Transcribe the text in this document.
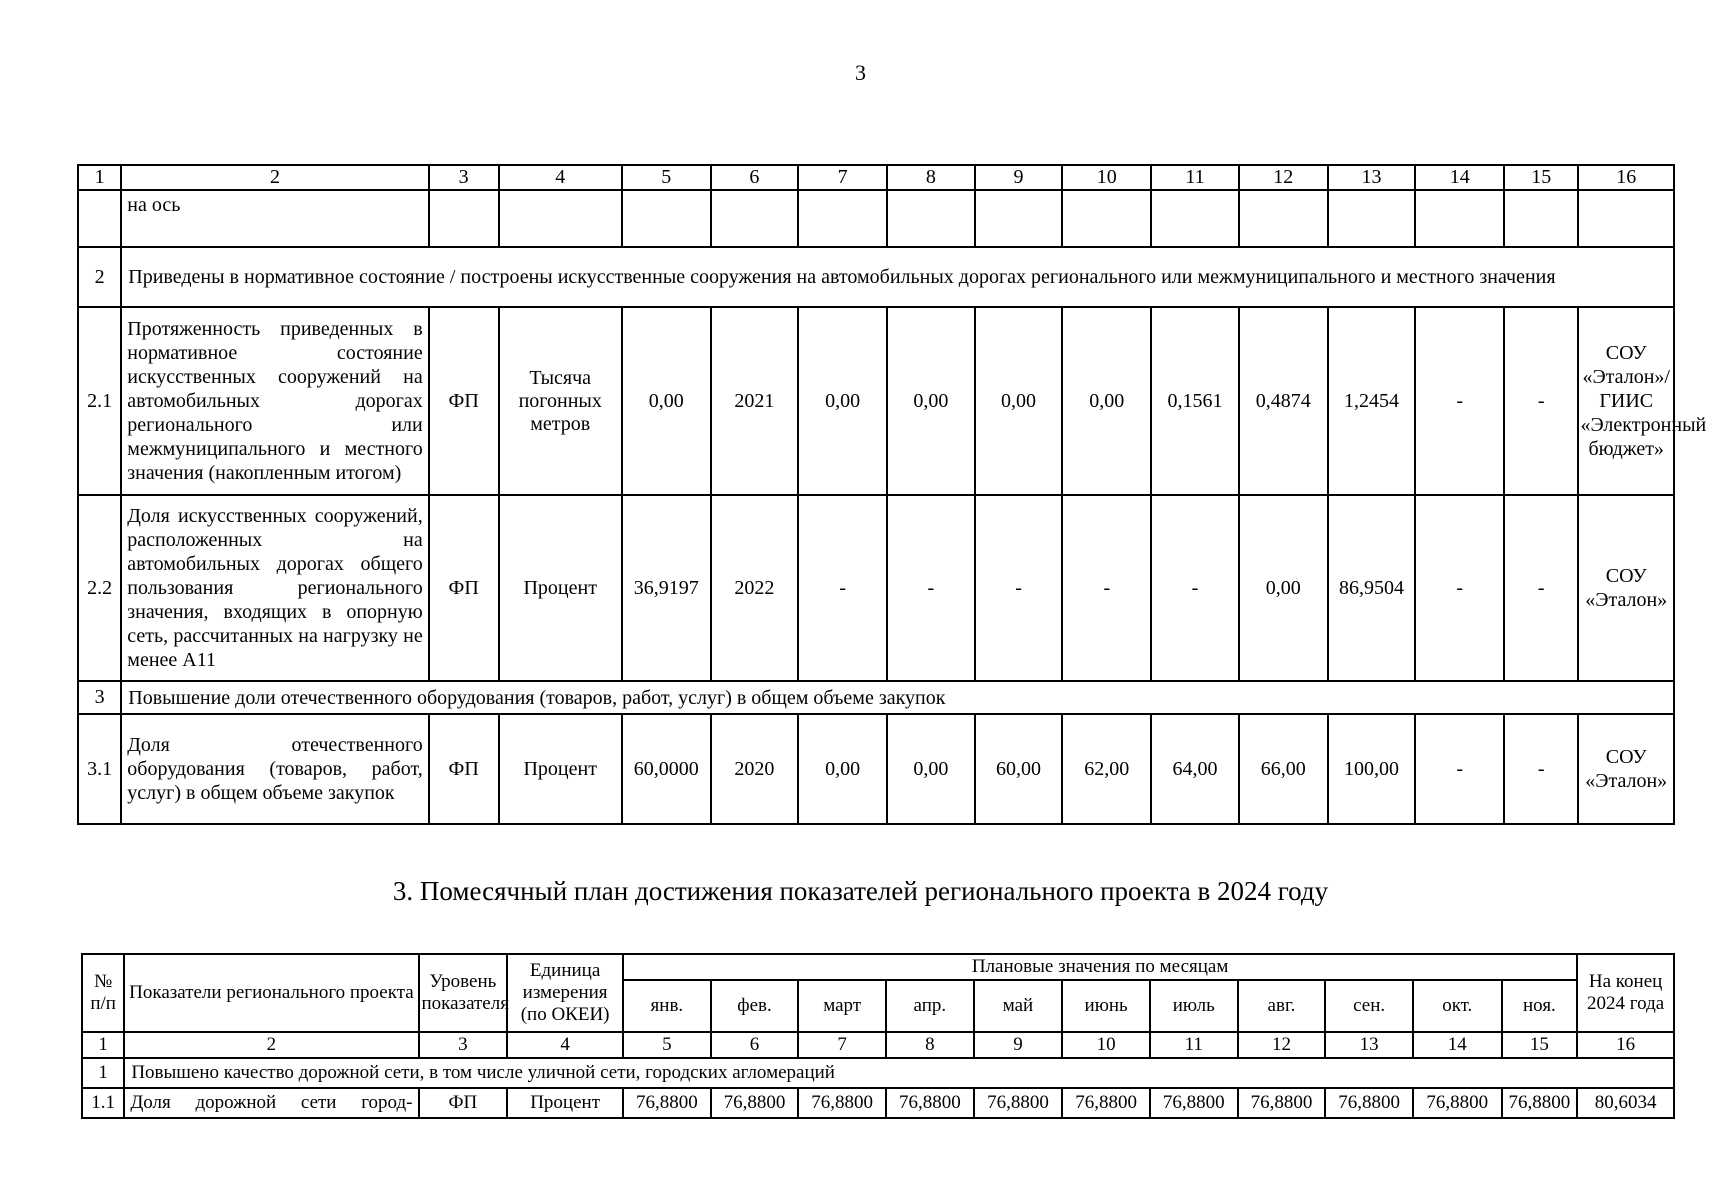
3
1	2	3	4	5	6	7	8	9	10	11	12	13	14	15	16
	на ось														
2	Приведены в нормативное состояние / построены искусственные сооружения на автомобильных дорогах регионального или межмуниципального и местного значения														
2.1	Протяженность приведенных в нормативное состояние искусственных сооружений на автомобильных дорогах регионального или межмуниципального и местного значения (накопленным итогом)	ФП	Тысяча погонных метров	0,00	2021	0,00	0,00	0,00	0,00	0,1561	0,4874	1,2454	-	-	СОУ «Эталон»/ ГИИС «Электронный бюджет»
2.2	Доля искусственных сооружений, расположенных на автомобильных дорогах общего пользования регионального значения, входящих в опорную сеть, рассчитанных на нагрузку не менее А11	ФП	Процент	36,9197	2022	-	-	-	-	-	0,00	86,9504	-	-	СОУ «Эталон»
3	Повышение доли отечественного оборудования (товаров, работ, услуг) в общем объеме закупок														
3.1	Доля отечественного оборудования (товаров, работ, услуг) в общем объеме закупок	ФП	Процент	60,0000	2020	0,00	0,00	60,00	62,00	64,00	66,00	100,00	-	-	СОУ «Эталон»
3. Помесячный план достижения показателей регионального проекта в 2024 году
№ п/п	Показатели регионального проекта	Уровень показателя	Единица измерения (по ОКЕИ)	Плановые значения по месяцам											На конец 2024 года
				янв.	фев.	март	апр.	май	июнь	июль	авг.	сен.	окт.	ноя.	
1	2	3	4	5	6	7	8	9	10	11	12	13	14	15	16
1	Повышено качество дорожной сети, в том числе уличной сети, городских агломераций														
1.1	Доля дорожной сети город-	ФП	Процент	76,8800	76,8800	76,8800	76,8800	76,8800	76,8800	76,8800	76,8800	76,8800	76,8800	76,8800	80,6034
